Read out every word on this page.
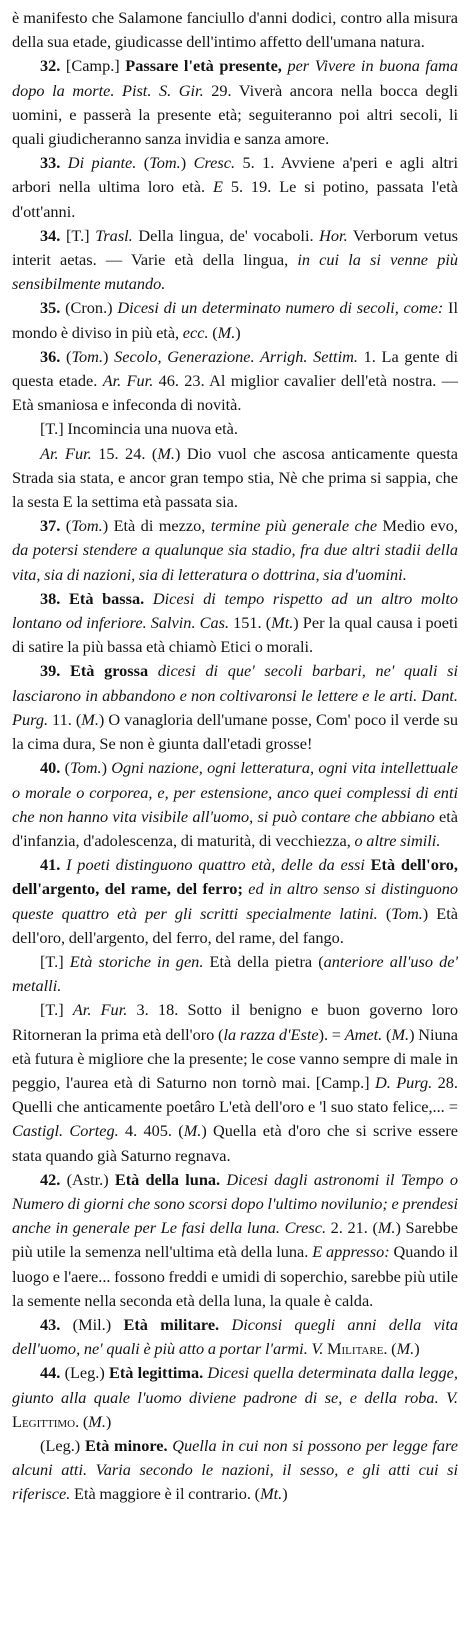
è manifesto che Salamone fanciullo d'anni dodici, contro alla misura della sua etade, giudicasse dell'intimo affetto dell'umana natura.

32. [Camp.] Passare l'età presente, per Vivere in buona fama dopo la morte. Pist. S. Gir. 29. Viverà ancora nella bocca degli uomini, e passerà la presente età; seguiteranno poi altri secoli, li quali giudicheranno sanza invidia e sanza amore.

33. Di piante. (Tom.) Cresc. 5. 1. Avviene a'peri e agli altri arbori nella ultima loro età. E 5. 19. Le si potino, passata l'età d'ott'anni.

34. [T.] Trasl. Della lingua, de' vocaboli. Hor. Verborum vetus interit aetas. — Varie età della lingua, in cui la si venne più sensibilmente mutando.

35. (Cron.) Dicesi di un determinato numero di secoli, come: Il mondo è diviso in più età, ecc. (M.)

36. (Tom.) Secolo, Generazione. Arrigh. Settim. 1. La gente di questa etade. Ar. Fur. 46. 23. Al miglior cavalier dell'età nostra. — Età smaniosa e infeconda di novità.

[T.] Incomincia una nuova età.

Ar. Fur. 15. 24. (M.) Dio vuol che ascosa anticamente questa Strada sia stata, e ancor gran tempo stia, Nè che prima si sappia, che la sesta E la settima età passata sia.

37. (Tom.) Età di mezzo, termine più generale che Medio evo, da potersi stendere a qualunque sia stadio, fra due altri stadii della vita, sia di nazioni, sia di letteratura o dottrina, sia d'uomini.

38. Età bassa. Dicesi di tempo rispetto ad un altro molto lontano od inferiore. Salvin. Cas. 151. (Mt.) Per la qual causa i poeti di satire la più bassa età chiamò Etici o morali.

39. Età grossa dicesi di que' secoli barbari, ne' quali si lasciarono in abbandono e non coltivaronsi le lettere e le arti. Dant. Purg. 11. (M.) O vanagloria dell'umane posse, Com' poco il verde su la cima dura, Se non è giunta dall'etadi grosse!

40. (Tom.) Ogni nazione, ogni letteratura, ogni vita intellettuale o morale o corporea, e, per estensione, anco quei complessi di enti che non hanno vita visibile all'uomo, si può contare che abbiano età d'infanzia, d'adolescenza, di maturità, di vecchiezza, o altre simili.

41. I poeti distinguono quattro età, delle da essi Età dell'oro, dell'argento, del rame, del ferro; ed in altro senso si distinguono queste quattro età per gli scritti specialmente latini. (Tom.) Età dell'oro, dell'argento, del ferro, del rame, del fango.

[T.] Età storiche in gen. Età della pietra (anteriore all'uso de' metalli.

[T.] Ar. Fur. 3. 18. Sotto il benigno e buon governo loro Ritorneran la prima età dell'oro (la razza d'Este). = Amet. (M.) Niuna età futura è migliore che la presente; le cose vanno sempre di male in peggio, l'aurea età di Saturno non tornò mai. [Camp.] D. Purg. 28. Quelli che anticamente poetâro L'età dell'oro e 'l suo stato felice,... = Castigl. Corteg. 4. 405. (M.) Quella età d'oro che si scrive essere stata quando già Saturno regnava.

42. (Astr.) Età della luna. Dicesi dagli astronomi il Tempo o Numero di giorni che sono scorsi dopo l'ultimo novilunio; e prendesi anche in generale per Le fasi della luna. Cresc. 2. 21. (M.) Sarebbe più utile la semenza nell'ultima età della luna. E appresso: Quando il luogo e l'aere... fossono freddi e umidi di soperchio, sarebbe più utile la semente nella seconda età della luna, la quale è calda.

43. (Mil.) Età militare. Diconsi quegli anni della vita dell'uomo, ne' quali è più atto a portar l'armi. V. Militare. (M.)

44. (Leg.) Età legittima. Dicesi quella determinata dalla legge, giunto alla quale l'uomo diviene padrone di se, e della roba. V. Legittimo. (M.)

(Leg.) Età minore. Quella in cui non si possono per legge fare alcuni atti. Varia secondo le nazioni, il sesso, e gli atti cui si riferisce. Età maggiore è il contrario. (Mt.)
